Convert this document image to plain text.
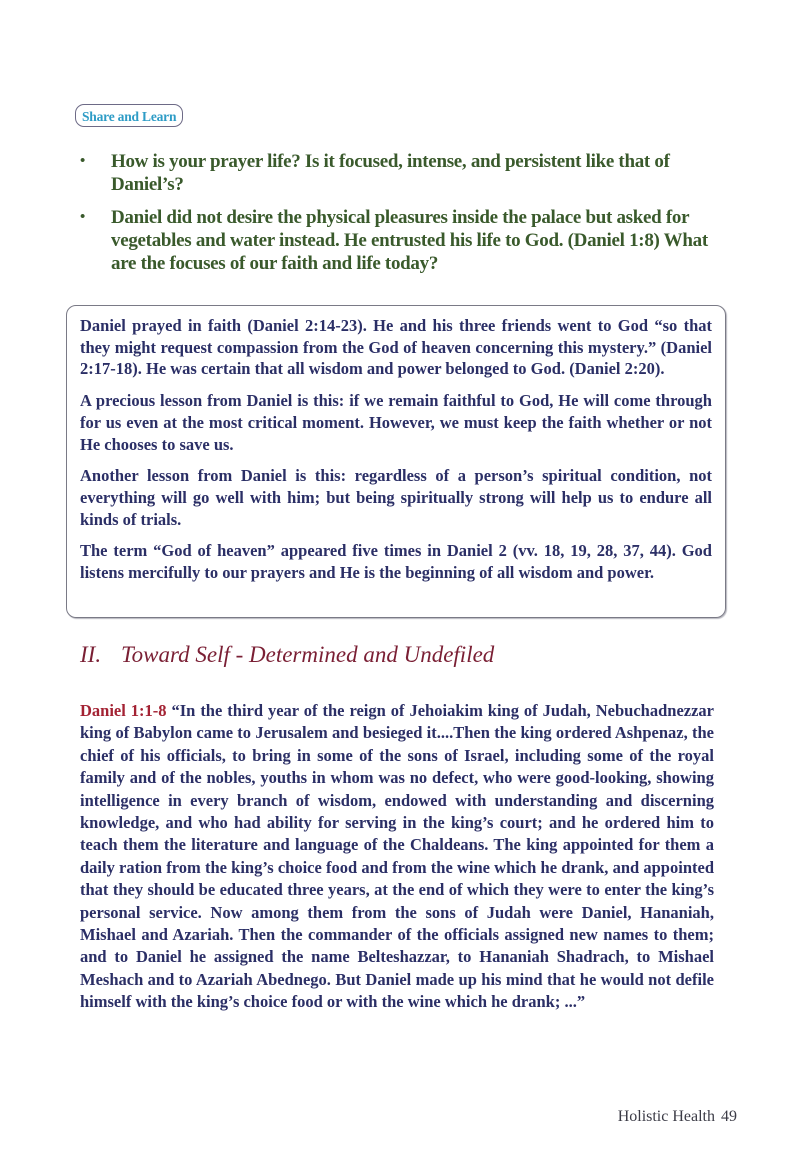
Share and Learn
• How is your prayer life? Is it focused, intense, and persistent like that of Daniel’s?
• Daniel did not desire the physical pleasures inside the palace but asked for vegetables and water instead. He entrusted his life to God. (Daniel 1:8) What are the focuses of our faith and life today?

Daniel prayed in faith (Daniel 2:14-23). He and his three friends went to God “so that they might request compassion from the God of heaven concerning this mystery.” (Daniel 2:17-18). He was certain that all wisdom and power belonged to God. (Daniel 2:20).

A precious lesson from Daniel is this: if we remain faithful to God, He will come through for us even at the most critical moment. However, we must keep the faith whether or not He chooses to save us.

Another lesson from Daniel is this: regardless of a person’s spiritual condition, not everything will go well with him; but being spiritually strong will help us to endure all kinds of trials.

The term “God of heaven” appeared five times in Daniel 2 (vv. 18, 19, 28, 37, 44). God listens mercifully to our prayers and He is the beginning of all wisdom and power.

II. Toward Self - Determined and Undefiled

Daniel 1:1-8 “In the third year of the reign of Jehoiakim king of Judah, Nebuchadnezzar king of Babylon came to Jerusalem and besieged it....Then the king ordered Ashpenaz, the chief of his officials, to bring in some of the sons of Israel, including some of the royal family and of the nobles, youths in whom was no defect, who were good-looking, showing intelligence in every branch of wisdom, endowed with understanding and discerning knowledge, and who had ability for serving in the king’s court; and he ordered him to teach them the literature and language of the Chaldeans. The king appointed for them a daily ration from the king’s choice food and from the wine which he drank, and appointed that they should be educated three years, at the end of which they were to enter the king’s personal service. Now among them from the sons of Judah were Daniel, Hananiah, Mishael and Azariah. Then the commander of the officials assigned new names to them; and to Daniel he assigned the name Belteshazzar, to Hananiah Shadrach, to Mishael Meshach and to Azariah Abednego. But Daniel made up his mind that he would not defile himself with the king’s choice food or with the wine which he drank; ...”

Holistic Health 49
